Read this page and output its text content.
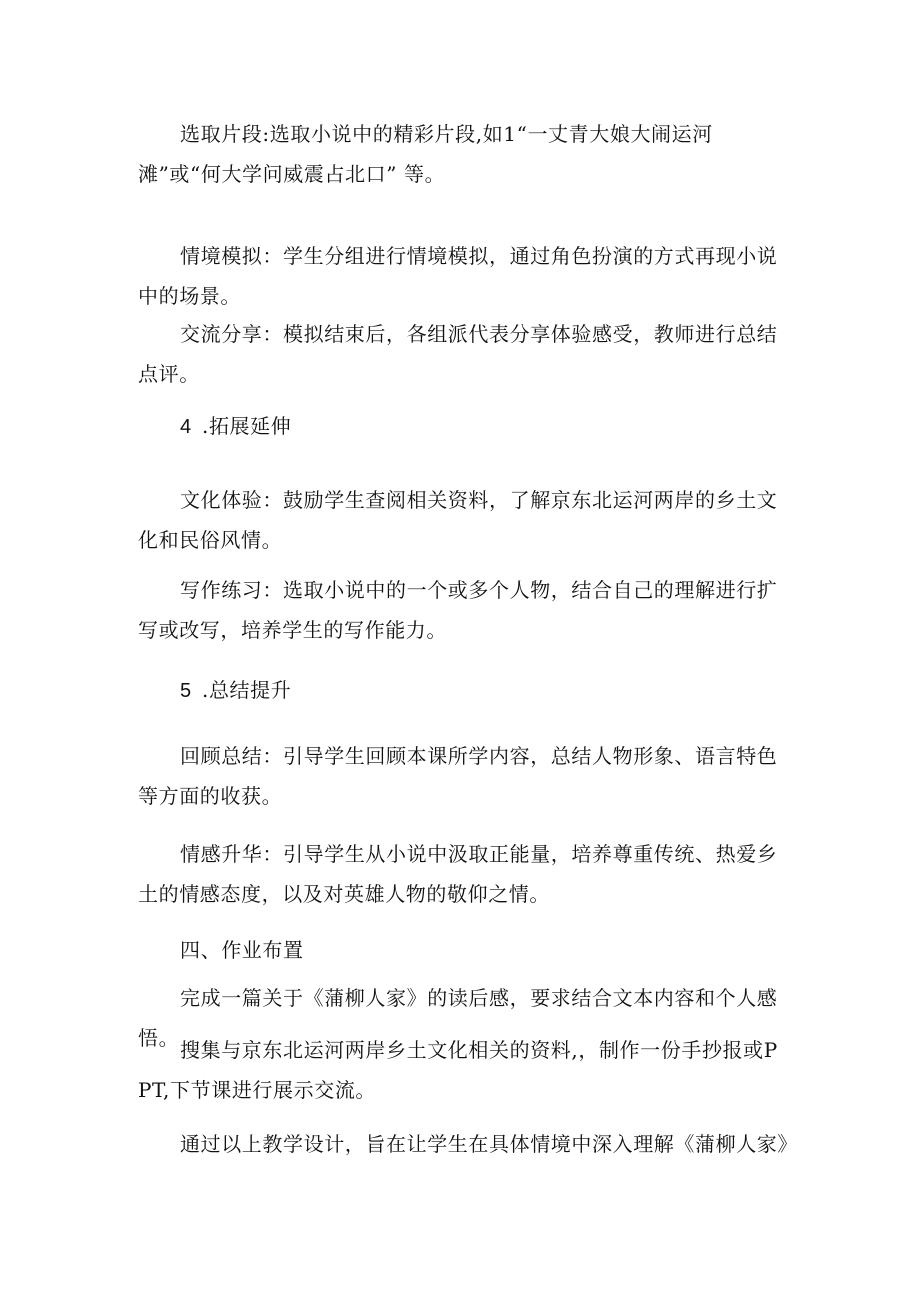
选取片段:选取小说中的精彩片段,如1“一丈青大娘大闹运河滩”或“何大学问威震占北口” 等。

情境模拟：学生分组进行情境模拟，通过角色扮演的方式再现小说中的场景。

交流分享：模拟结束后，各组派代表分享体验感受，教师进行总结点评。

4 .拓展延伸

文化体验：鼓励学生查阅相关资料，了解京东北运河两岸的乡土文化和民俗风情。

写作练习：选取小说中的一个或多个人物，结合自己的理解进行扩写或改写，培养学生的写作能力。

5 .总结提升

回顾总结：引导学生回顾本课所学内容，总结人物形象、语言特色等方面的收获。

情感升华：引导学生从小说中汲取正能量，培养尊重传统、热爱乡土的情感态度，以及对英雄人物的敬仰之情。

四、作业布置

完成一篇关于《蒲柳人家》的读后感，要求结合文本内容和个人感悟。 搜集与京东北运河两岸乡土文化相关的资料,，制作一份手抄报或PPT,下节课进行展示交流。

通过以上教学设计，旨在让学生在具体情境中深入理解《蒲柳人家》
